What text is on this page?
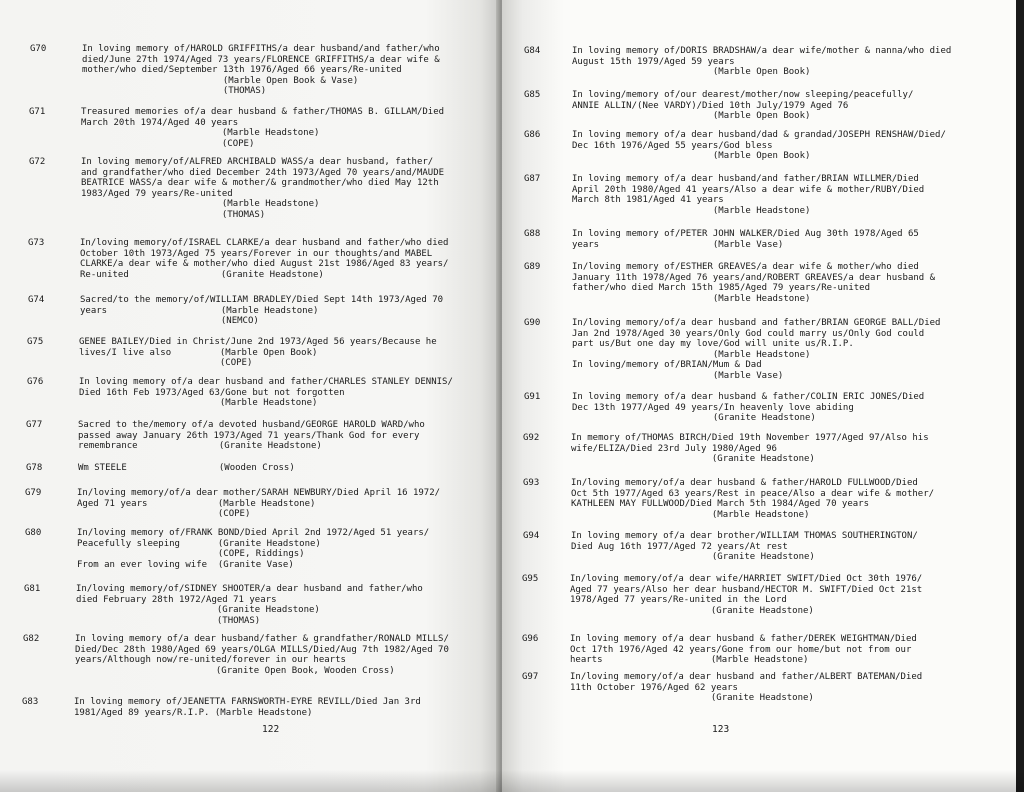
G70	In loving memory of/HAROLD GRIFFITHS/a dear husband/and father/who
died/June 27th 1974/Aged 73 years/FLORENCE GRIFFITHS/a dear wife &
mother/who died/September 13th 1976/Aged 66 years/Re-united
(Marble Open Book & Vase)
(THOMAS)
G71	Treasured memories of/a dear husband & father/THOMAS B. GILLAM/Died
March 20th 1974/Aged 40 years
(Marble Headstone)
(COPE)
G72	In loving memory/of/ALFRED ARCHIBALD WASS/a dear husband, father/
and grandfather/who died December 24th 1973/Aged 70 years/and/MAUDE
BEATRICE WASS/a dear wife & mother/& grandmother/who died May 12th
1983/Aged 79 years/Re-united
(Marble Headstone)
(THOMAS)
G73	In/loving memory/of/ISRAEL CLARKE/a dear husband and father/who died
October 10th 1973/Aged 75 years/Forever in our thoughts/and MABEL
CLARKE/a dear wife & mother/who died August 21st 1986/Aged 83 years/
Re-united                 (Granite Headstone)
G74	Sacred/to the memory/of/WILLIAM BRADLEY/Died Sept 14th 1973/Aged 70
years                     (Marble Headstone)
(NEMCO)
G75	GENEE BAILEY/Died in Christ/June 2nd 1973/Aged 56 years/Because he
lives/I live also         (Marble Open Book)
(COPE)
G76	In loving memory of/a dear husband and father/CHARLES STANLEY DENNIS/
Died 16th Feb 1973/Aged 63/Gone but not forgotten
(Marble Headstone)
G77	Sacred to the/memory of/a devoted husband/GEORGE HAROLD WARD/who
passed away January 26th 1973/Aged 71 years/Thank God for every
remembrance               (Granite Headstone)
G78	Wm STEELE                 (Wooden Cross)
G79	In/loving memory/of/a dear mother/SARAH NEWBURY/Died April 16 1972/
Aged 71 years             (Marble Headstone)
(COPE)
G80	In/loving memory of/FRANK BOND/Died April 2nd 1972/Aged 51 years/
Peacefully sleeping       (Granite Headstone)
(COPE, Riddings)
From an ever loving wife  (Granite Vase)
G81	In/loving memory/of/SIDNEY SHOOTER/a dear husband and father/who
died February 28th 1972/Aged 71 years
(Granite Headstone)
(THOMAS)
G82	In loving memory of/a dear husband/father & grandfather/RONALD MILLS/
Died/Dec 28th 1980/Aged 69 years/OLGA MILLS/Died/Aug 7th 1982/Aged 70
years/Although now/re-united/forever in our hearts
(Granite Open Book, Wooden Cross)
G83	In loving memory of/JEANETTA FARNSWORTH-EYRE REVILL/Died Jan 3rd
1981/Aged 89 years/R.I.P. (Marble Headstone)
122
G84	In loving memory of/DORIS BRADSHAW/a dear wife/mother & nanna/who died
August 15th 1979/Aged 59 years
(Marble Open Book)
G85	In loving/memory of/our dearest/mother/now sleeping/peacefully/
ANNIE ALLIN/(Nee VARDY)/Died 10th July/1979 Aged 76
(Marble Open Book)
G86	In loving memory of/a dear husband/dad & grandad/JOSEPH RENSHAW/Died/
Dec 16th 1976/Aged 55 years/God bless
(Marble Open Book)
G87	In loving memory of/a dear husband/and father/BRIAN WILLMER/Died
April 20th 1980/Aged 41 years/Also a dear wife & mother/RUBY/Died
March 8th 1981/Aged 41 years
(Marble Headstone)
G88	In loving memory of/PETER JOHN WALKER/Died Aug 30th 1978/Aged 65
years                     (Marble Vase)
G89	In/loving memory of/ESTHER GREAVES/a dear wife & mother/who died
January 11th 1978/Aged 76 years/and/ROBERT GREAVES/a dear husband &
father/who died March 15th 1985/Aged 79 years/Re-united
(Marble Headstone)
G90	In/loving memory/of/a dear husband and father/BRIAN GEORGE BALL/Died
Jan 2nd 1978/Aged 30 years/Only God could marry us/Only God could
part us/But one day my love/God will unite us/R.I.P.
(Marble Headstone)
In loving/memory of/BRIAN/Mum & Dad
(Marble Vase)
G91	In loving memory of/a dear husband & father/COLIN ERIC JONES/Died
Dec 13th 1977/Aged 49 years/In heavenly love abiding
(Granite Headstone)
G92	In memory of/THOMAS BIRCH/Died 19th November 1977/Aged 97/Also his
wife/ELIZA/Died 23rd July 1980/Aged 96
(Granite Headstone)
G93	In/loving memory/of/a dear husband & father/HAROLD FULLWOOD/Died
Oct 5th 1977/Aged 63 years/Rest in peace/Also a dear wife & mother/
KATHLEEN MAY FULLWOOD/Died March 5th 1984/Aged 70 years
(Marble Headstone)
G94	In loving memory of/a dear brother/WILLIAM THOMAS SOUTHERINGTON/
Died Aug 16th 1977/Aged 72 years/At rest
(Granite Headstone)
G95	In/loving memory/of/a dear wife/HARRIET SWIFT/Died Oct 30th 1976/
Aged 77 years/Also her dear husband/HECTOR M. SWIFT/Died Oct 21st
1978/Aged 77 years/Re-united in the Lord
(Granite Headstone)
G96	In loving memory of/a dear husband & father/DEREK WEIGHTMAN/Died
Oct 17th 1976/Aged 42 years/Gone from our home/but not from our
hearts                    (Marble Headstone)
G97	In/loving memory/of/a dear husband and father/ALBERT BATEMAN/Died
11th October 1976/Aged 62 years
(Granite Headstone)
123
